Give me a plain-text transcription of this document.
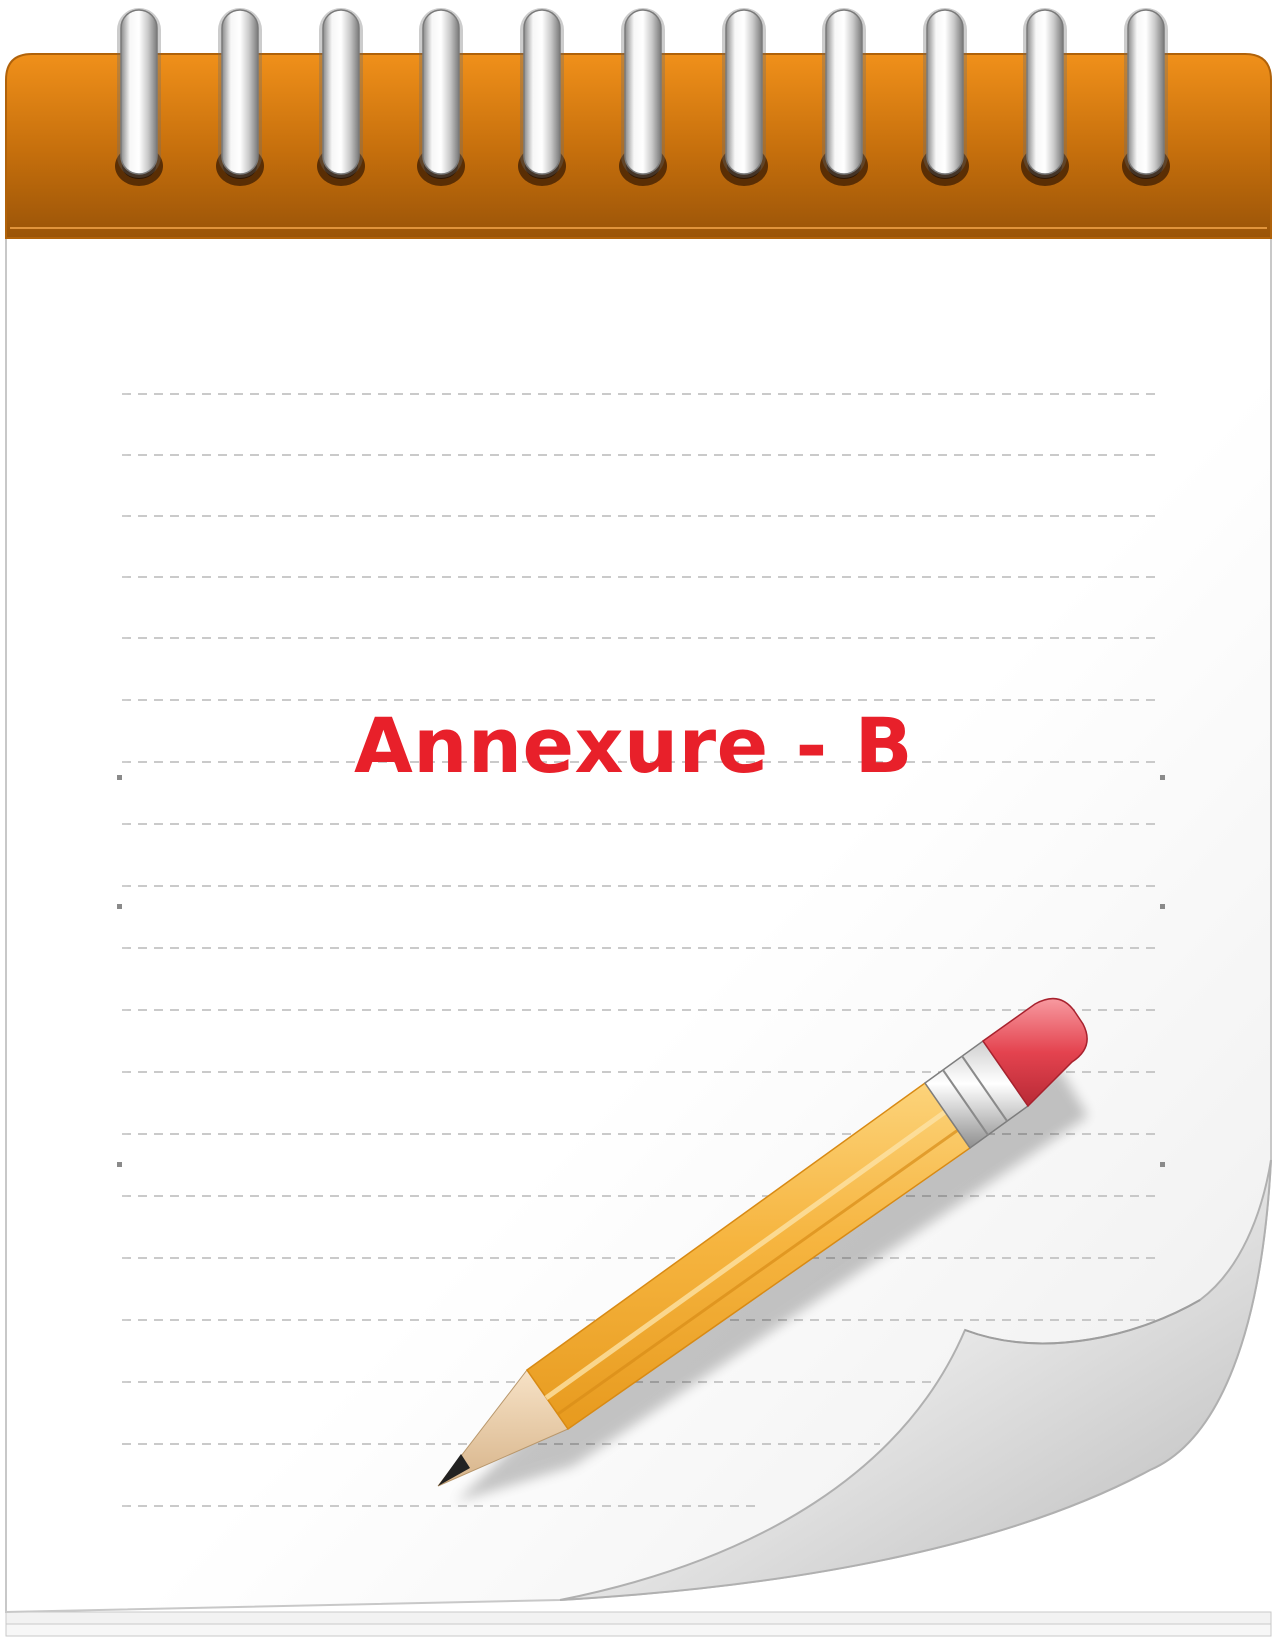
Annexure - B
